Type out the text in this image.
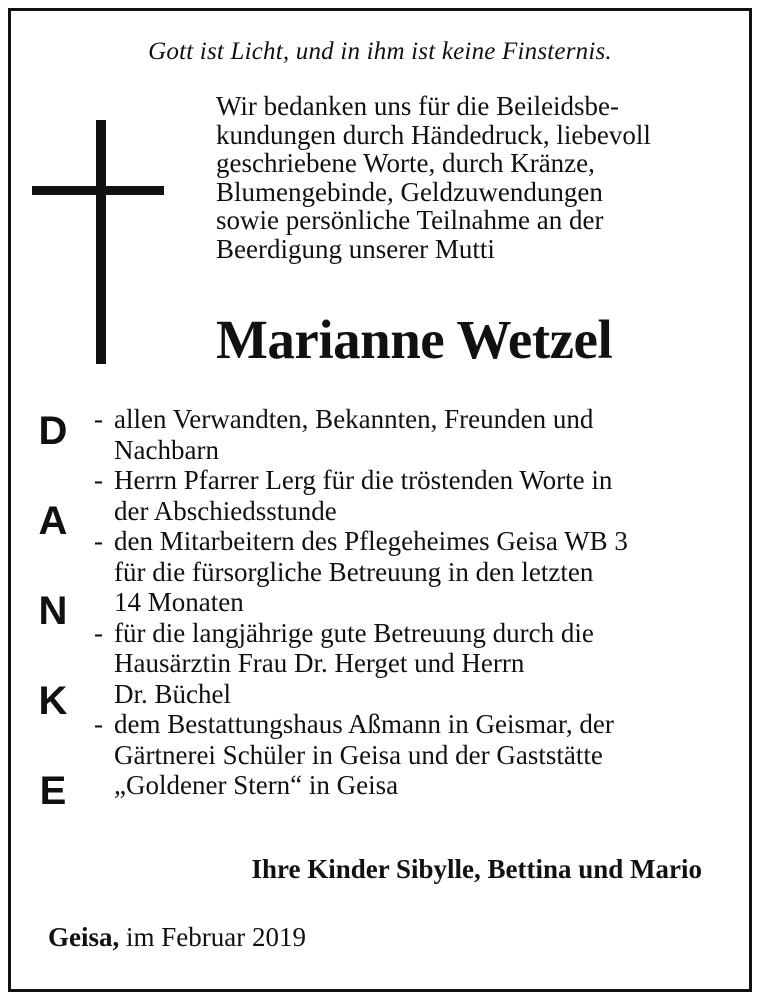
Gott ist Licht, und in ihm ist keine Finsternis.
Wir bedanken uns für die Beileidsbe-
kundungen durch Händedruck, liebevoll
geschriebene Worte, durch Kränze,
Blumengebinde, Geldzuwendungen
sowie persönliche Teilnahme an der
Beerdigung unserer Mutti
Marianne Wetzel
D
A
N
K
E
- allen Verwandten, Bekannten, Freunden und
Nachbarn
- Herrn Pfarrer Lerg für die tröstenden Worte in
der Abschiedsstunde
- den Mitarbeitern des Pflegeheimes Geisa WB 3
für die fürsorgliche Betreuung in den letzten
14 Monaten
- für die langjährige gute Betreuung durch die
Hausärztin Frau Dr. Herget und Herrn
Dr. Büchel
- dem Bestattungshaus Aßmann in Geismar, der
Gärtnerei Schüler in Geisa und der Gaststätte
„Goldener Stern“ in Geisa
Ihre Kinder Sibylle, Bettina und Mario
Geisa, im Februar 2019
